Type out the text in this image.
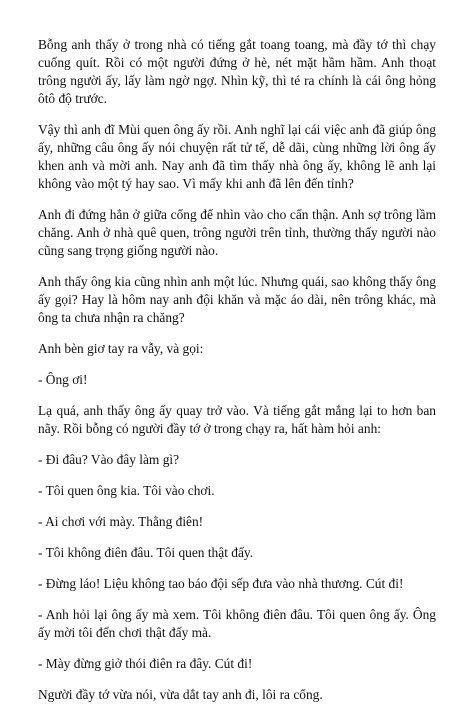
Bỗng anh thấy ở trong nhà có tiếng gắt toang toang, mà đầy tớ thì chạy cuống quít. Rồi có một người đứng ở hè, nét mặt hầm hầm. Anh thoạt trông người ấy, lấy làm ngờ ngợ. Nhìn kỹ, thì té ra chính là cái ông hỏng ôtô độ trước.

Vậy thì anh đĩ Mùi quen ông ấy rồi. Anh nghĩ lại cái việc anh đã giúp ông ấy, những câu ông ấy nói chuyện rất tử tế, dễ dãi, cùng những lời ông ấy khen anh và mời anh. Nay anh đã tìm thấy nhà ông ấy, không lẽ anh lại không vào một tý hay sao. Vì mấy khi anh đã lên đến tỉnh?

Anh đi đứng hẳn ở giữa cổng để nhìn vào cho cẩn thận. Anh sợ trông lầm chăng. Anh ở nhà quê quen, trông người trên tỉnh, thường thấy người nào cũng sang trọng giống người nào.

Anh thấy ông kia cũng nhìn anh một lúc. Nhưng quái, sao không thấy ông ấy gọi? Hay là hôm nay anh đội khăn và mặc áo dài, nên trông khác, mà ông ta chưa nhận ra chăng?

Anh bèn giơ tay ra vẫy, và gọi:

- Ông ơi!

Lạ quá, anh thấy ông ấy quay trở vào. Và tiếng gắt mắng lại to hơn ban nãy. Rồi bỗng có người đầy tớ ở trong chạy ra, hất hàm hỏi anh:

- Đi đâu? Vào đây làm gì?

- Tôi quen ông kia. Tôi vào chơi.

- Ai chơi với mày. Thằng điên!

- Tôi không điên đâu. Tôi quen thật đấy.

- Đừng láo! Liệu không tao báo đội sếp đưa vào nhà thương. Cút đi!

- Anh hỏi lại ông ấy mà xem. Tôi không điên đâu. Tôi quen ông ấy. Ông ấy mời tôi đến chơi thật đấy mà.

- Mày đừng giở thói điên ra đây. Cút đi!

Người đầy tớ vừa nói, vừa dắt tay anh đi, lôi ra cổng.
